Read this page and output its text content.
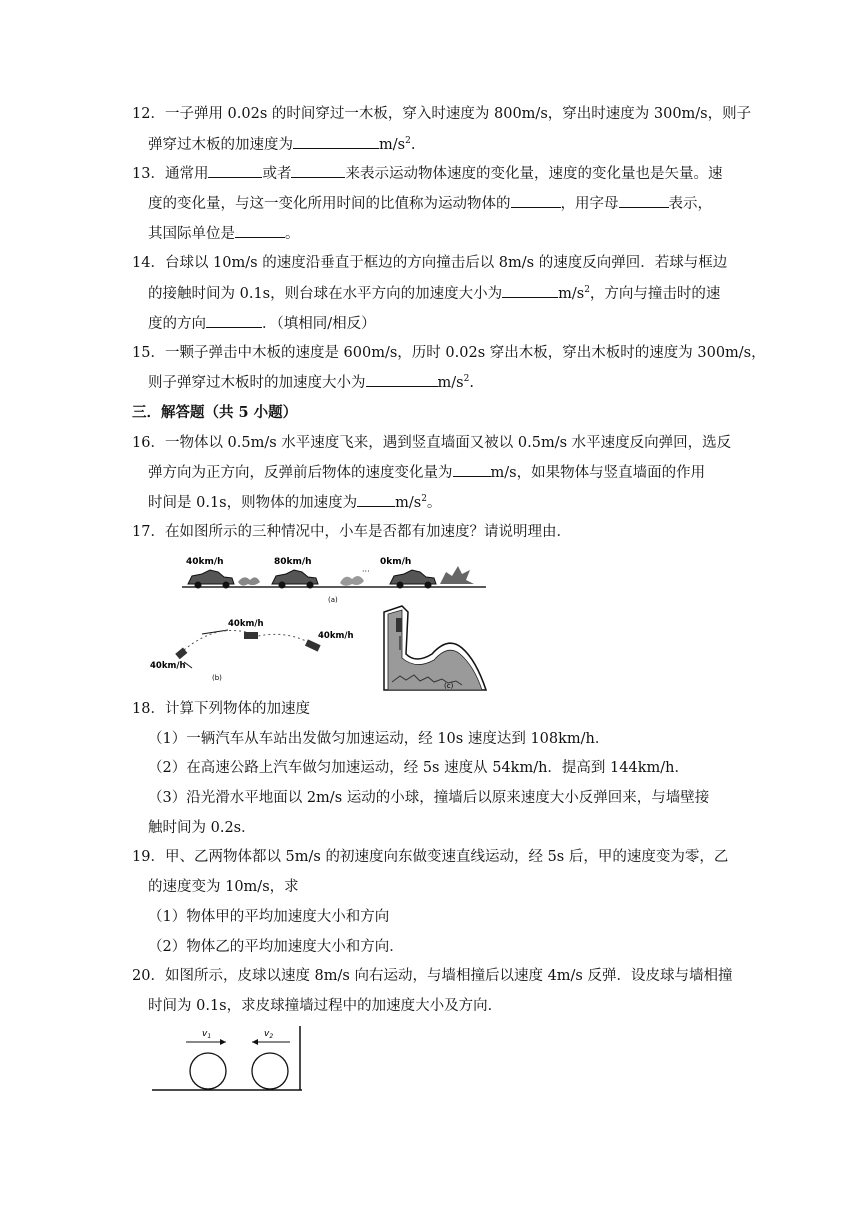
12．一子弹用 0.02s 的时间穿过一木板，穿入时速度为 800m/s，穿出时速度为 300m/s，则子
弹穿过木板的加速度为	$m/s^2$.
13．通常用	或者	来表示运动物体速度的变化量，速度的变化量也是矢量。速
度的变化量，与这一变化所用时间的比值称为运动物体的	，用字母	表示，
其国际单位是	。
14．台球以 10m/s 的速度沿垂直于框边的方向撞击后以 8m/s 的速度反向弹回．若球与框边
的接触时间为 0.1s，则台球在水平方向的加速度大小为	$m/s^2$，方向与撞击时的速
度的方向	．（填相同/相反）
15．一颗子弹击中木板的速度是 600m/s，历时 0.02s 穿出木板，穿出木板时的速度为 300m/s，
则子弹穿过木板时的加速度大小为	$m/s^2$.
三．解答题（共 5 小题）
16．一物体以 0.5m/s 水平速度飞来，遇到竖直墙面又被以 0.5m/s 水平速度反向弹回，选反
弹方向为正方向，反弹前后物体的速度变化量为	m/s，如果物体与竖直墙面的作用
时间是 0.1s，则物体的加速度为	$m/s^2$。
17．在如图所示的三种情况中，小车是否都有加速度？请说明理由．
40km/h	80km/h	0km/h
···
(a)
40km/h
40km/h
40km/h
(b)
(c)
18．计算下列物体的加速度
（1）一辆汽车从车站出发做匀加速运动，经 10s 速度达到 108km/h．
（2）在高速公路上汽车做匀加速运动，经 5s 速度从 54km/h．提高到 144km/h．
（3）沿光滑水平地面以 2m/s 运动的小球，撞墙后以原来速度大小反弹回来，与墙壁接
触时间为 0.2s．
19．甲、乙两物体都以 5m/s 的初速度向东做变速直线运动，经 5s 后，甲的速度变为零，乙
的速度变为 10m/s，求
（1）物体甲的平均加速度大小和方向
（2）物体乙的平均加速度大小和方向．
20．如图所示，皮球以速度 8m/s 向右运动，与墙相撞后以速度 4m/s 反弹．设皮球与墙相撞
时间为 0.1s，求皮球撞墙过程中的加速度大小及方向．
$v_1$	$v_2$
